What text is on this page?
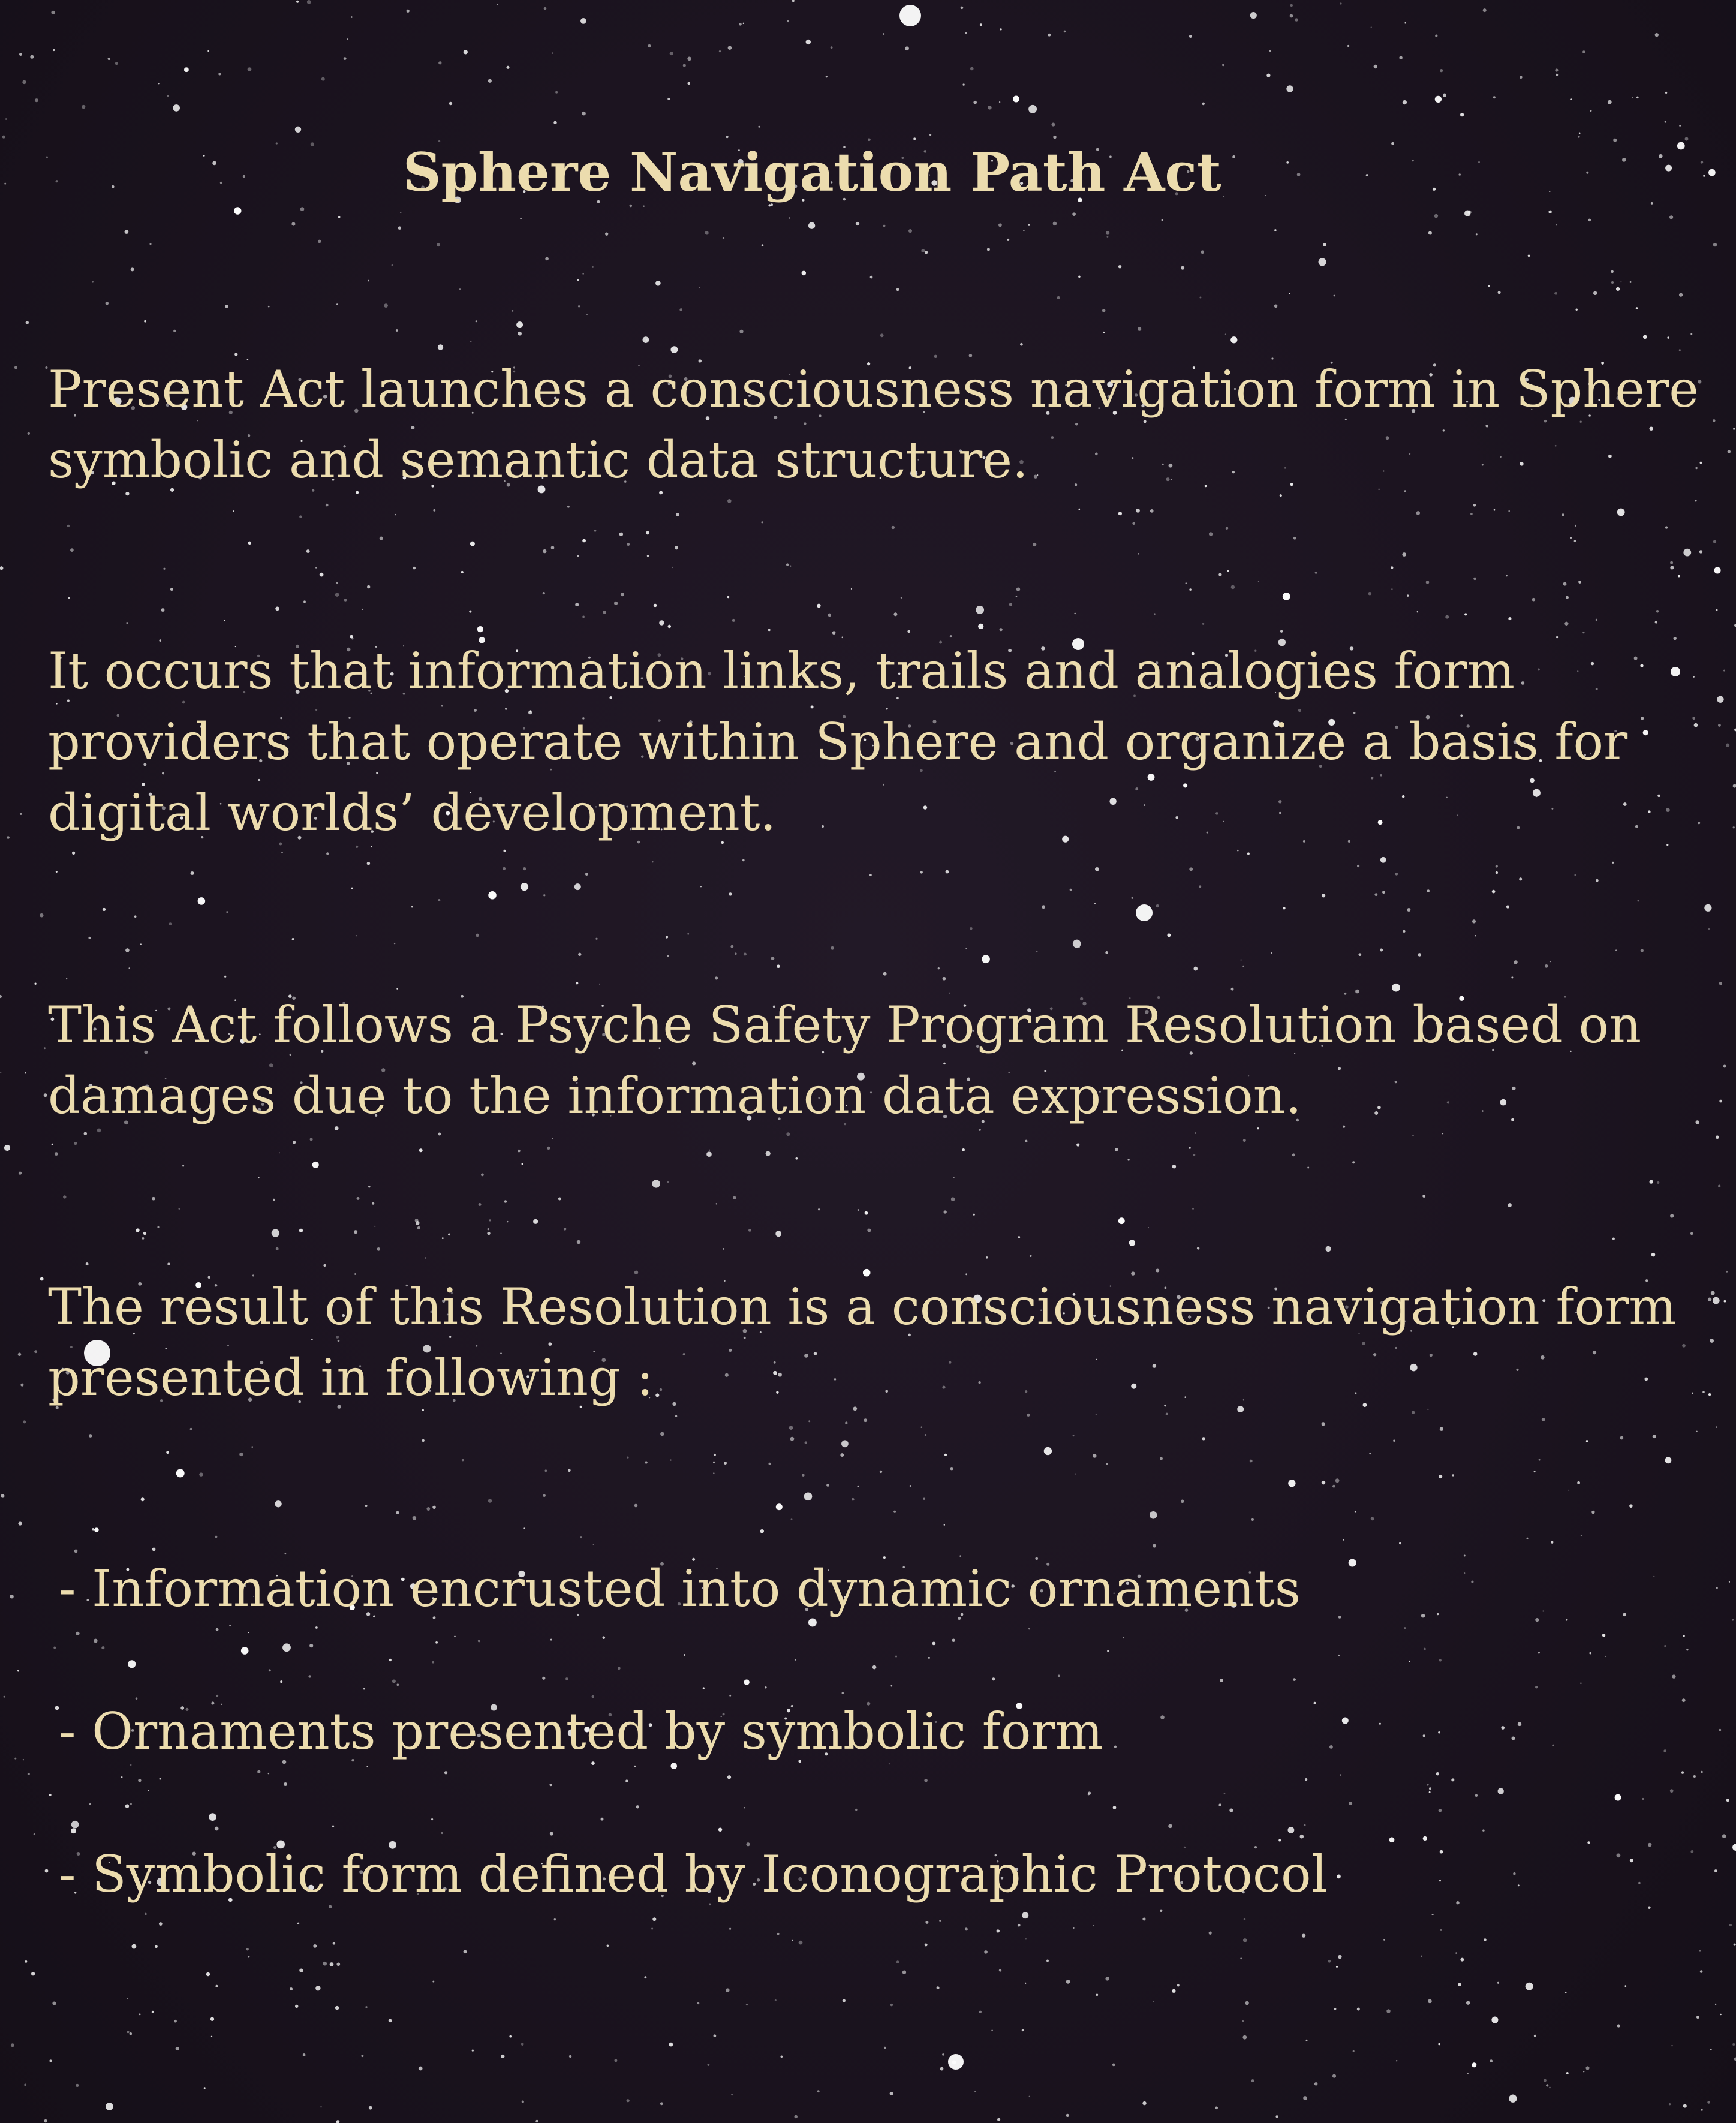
Sphere Navigation Path Act

Present Act launches a consciousness navigation form in Sphere symbolic and semantic data structure.

It occurs that information links, trails and analogies form providers that operate within Sphere and organize a basis for digital worlds’ development.

This Act follows a Psyche Safety Program Resolution based on damages due to the information data expression.

The result of this Resolution is a consciousness navigation form presented in following :

- Information encrusted into dynamic ornaments

- Ornaments presented by symbolic form

- Symbolic form defined by Iconographic Protocol
